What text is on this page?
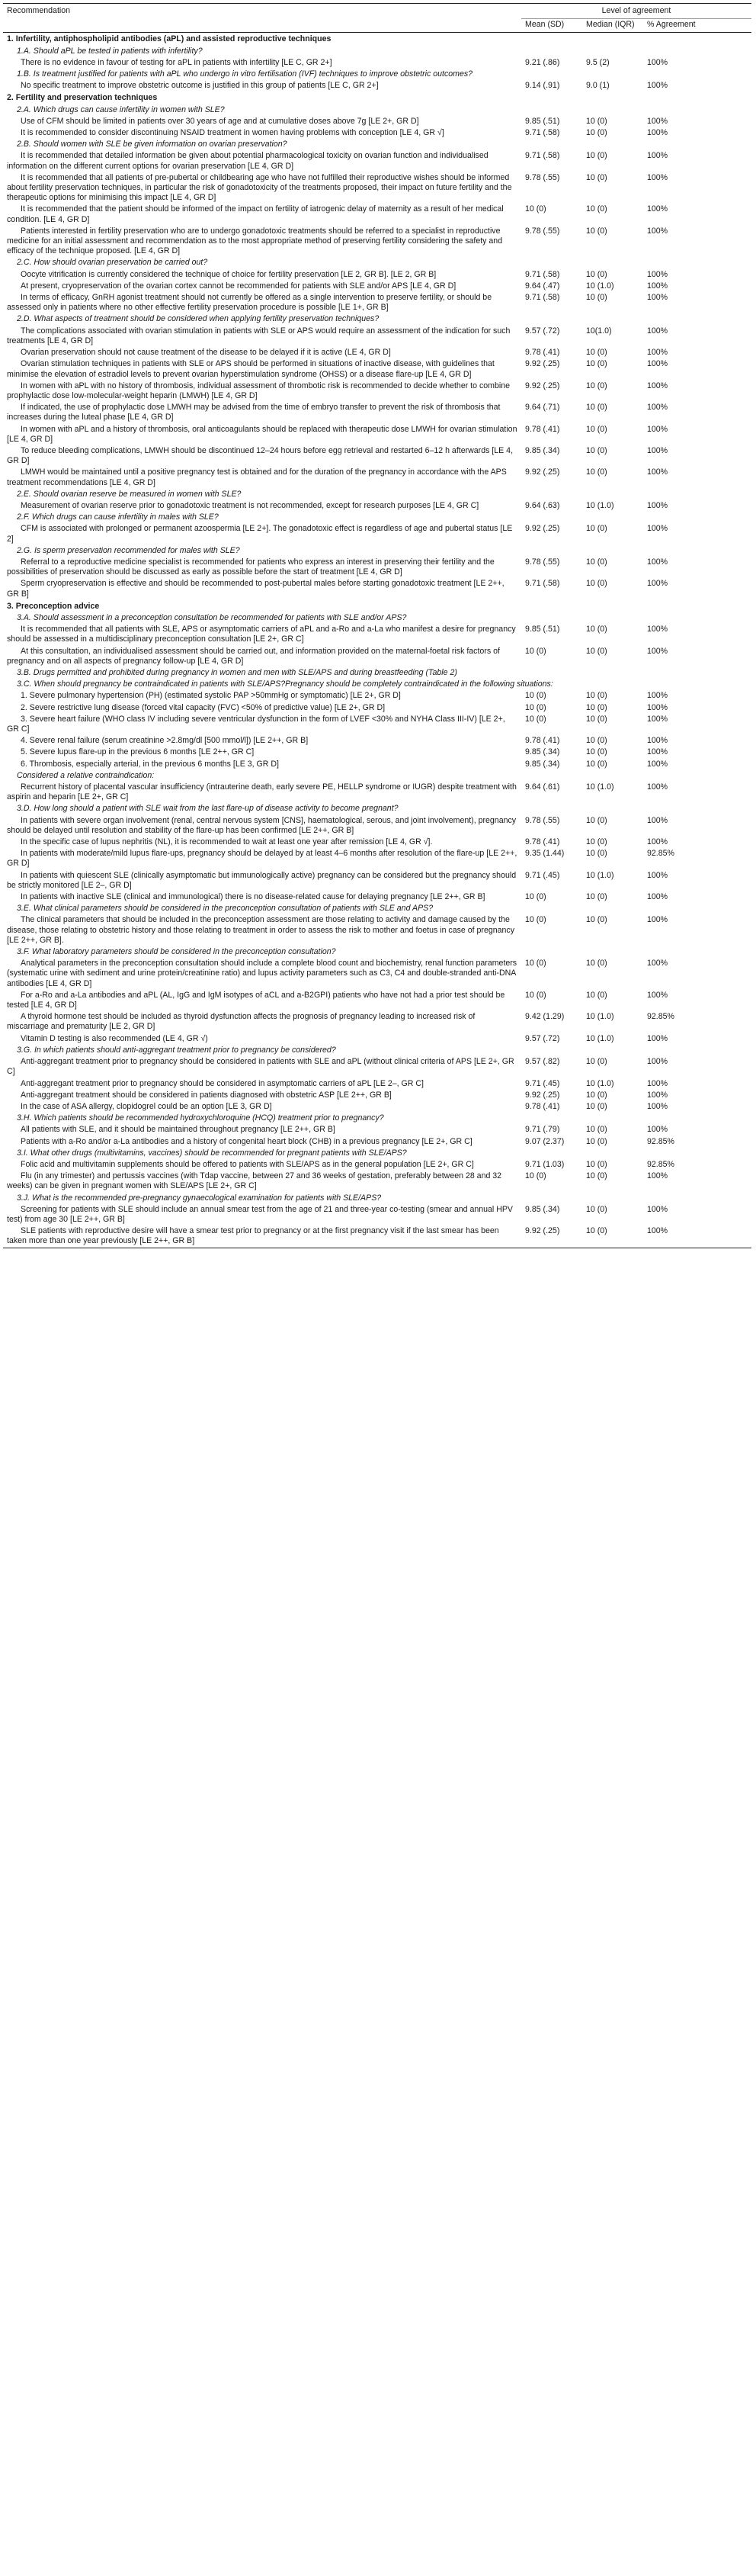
Recommendation	Level of agreement		
	Mean (SD)	Median (IQR)	% Agreement
1. Infertility, antiphospholipid antibodies (aPL) and assisted reproductive techniques			
1.A. Should aPL be tested in patients with infertility?			
There is no evidence in favour of testing for aPL in patients with infertility [LE C, GR 2+]	9.21 (.86)	9.5 (2)	100%
1.B. Is treatment justified for patients with aPL who undergo in vitro fertilisation (IVF) techniques to improve obstetric outcomes?			
No specific treatment to improve obstetric outcome is justified in this group of patients [LE C, GR 2+]	9.14 (.91)	9.0 (1)	100%
2. Fertility and preservation techniques			
2.A. Which drugs can cause infertility in women with SLE?			
Use of CFM should be limited in patients over 30 years of age and at cumulative doses above 7g [LE 2+, GR D]	9.85 (.51)	10 (0)	100%
It is recommended to consider discontinuing NSAID treatment in women having problems with conception [LE 4, GR √]	9.71 (.58)	10 (0)	100%
2.B. Should women with SLE be given information on ovarian preservation?			
It is recommended that detailed information be given about potential pharmacological toxicity on ovarian function and individualised information on the different current options for ovarian preservation [LE 4, GR D]	9.71 (.58)	10 (0)	100%
It is recommended that all patients of pre-pubertal or childbearing age who have not fulfilled their reproductive wishes should be informed about fertility preservation techniques, in particular the risk of gonadotoxicity of the treatments proposed, their impact on future fertility and the therapeutic options for minimising this impact [LE 4, GR D]	9.78 (.55)	10 (0)	100%
It is recommended that the patient should be informed of the impact on fertility of iatrogenic delay of maternity as a result of her medical condition. [LE 4, GR D]	10 (0)	10 (0)	100%
Patients interested in fertility preservation who are to undergo gonadotoxic treatments should be referred to a specialist in reproductive medicine for an initial assessment and recommendation as to the most appropriate method of preserving fertility considering the safety and efficacy of the technique proposed. [LE 4, GR D]	9.78 (.55)	10 (0)	100%
2.C. How should ovarian preservation be carried out?			
Oocyte vitrification is currently considered the technique of choice for fertility preservation [LE 2, GR B]. [LE 2, GR B]	9.71 (.58)	10 (0)	100%
At present, cryopreservation of the ovarian cortex cannot be recommended for patients with SLE and/or APS [LE 4, GR D]	9.64 (.47)	10 (1.0)	100%
In terms of efficacy, GnRH agonist treatment should not currently be offered as a single intervention to preserve fertility, or should be assessed only in patients where no other effective fertility preservation procedure is possible [LE 1+, GR B]	9.71 (.58)	10 (0)	100%
2.D. What aspects of treatment should be considered when applying fertility preservation techniques?			
The complications associated with ovarian stimulation in patients with SLE or APS would require an assessment of the indication for such treatments [LE 4, GR D]	9.57 (.72)	10(1.0)	100%
Ovarian preservation should not cause treatment of the disease to be delayed if it is active (LE 4, GR D]	9.78 (.41)	10 (0)	100%
Ovarian stimulation techniques in patients with SLE or APS should be performed in situations of inactive disease, with guidelines that minimise the elevation of estradiol levels to prevent ovarian hyperstimulation syndrome (OHSS) or a disease flare-up [LE 4, GR D]	9.92 (.25)	10 (0)	100%
In women with aPL with no history of thrombosis, individual assessment of thrombotic risk is recommended to decide whether to combine prophylactic dose low-molecular-weight heparin (LMWH) [LE 4, GR D]	9.92 (.25)	10 (0)	100%
If indicated, the use of prophylactic dose LMWH may be advised from the time of embryo transfer to prevent the risk of thrombosis that increases during the luteal phase [LE 4, GR D]	9.64 (.71)	10 (0)	100%
In women with aPL and a history of thrombosis, oral anticoagulants should be replaced with therapeutic dose LMWH for ovarian stimulation [LE 4, GR D]	9.78 (.41)	10 (0)	100%
To reduce bleeding complications, LMWH should be discontinued 12–24 hours before egg retrieval and restarted 6–12 h afterwards [LE 4, GR D]	9.85 (.34)	10 (0)	100%
LMWH would be maintained until a positive pregnancy test is obtained and for the duration of the pregnancy in accordance with the APS treatment recommendations [LE 4, GR D]	9.92 (.25)	10 (0)	100%
2.E. Should ovarian reserve be measured in women with SLE?			
Measurement of ovarian reserve prior to gonadotoxic treatment is not recommended, except for research purposes [LE 4, GR C]	9.64 (.63)	10 (1.0)	100%
2.F. Which drugs can cause infertility in males with SLE?			
CFM is associated with prolonged or permanent azoospermia [LE 2+]. The gonadotoxic effect is regardless of age and pubertal status [LE 2]	9.92 (.25)	10 (0)	100%
2.G. Is sperm preservation recommended for males with SLE?			
Referral to a reproductive medicine specialist is recommended for patients who express an interest in preserving their fertility and the possibilities of preservation should be discussed as early as possible before the start of treatment [LE 4, GR D]	9.78 (.55)	10 (0)	100%
Sperm cryopreservation is effective and should be recommended to post-pubertal males before starting gonadotoxic treatment [LE 2++, GR B]	9.71 (.58)	10 (0)	100%
3. Preconception advice			
3.A. Should assessment in a preconception consultation be recommended for patients with SLE and/or APS?			
It is recommended that all patients with SLE, APS or asymptomatic carriers of aPL and a-Ro and a-La who manifest a desire for pregnancy should be assessed in a multidisciplinary preconception consultation [LE 2+, GR C]	9.85 (.51)	10 (0)	100%
At this consultation, an individualised assessment should be carried out, and information provided on the maternal-foetal risk factors of pregnancy and on all aspects of pregnancy follow-up [LE 4, GR D]	10 (0)	10 (0)	100%
3.B. Drugs permitted and prohibited during pregnancy in women and men with SLE/APS and during breastfeeding (Table 2)			
3.C. When should pregnancy be contraindicated in patients with SLE/APS?Pregnancy should be completely contraindicated in the following situations:			
1. Severe pulmonary hypertension (PH) (estimated systolic PAP >50mmHg or symptomatic) [LE 2+, GR D]	10 (0)	10 (0)	100%
2. Severe restrictive lung disease (forced vital capacity (FVC) <50% of predictive value) [LE 2+, GR D]	10 (0)	10 (0)	100%
3. Severe heart failure (WHO class IV including severe ventricular dysfunction in the form of LVEF <30% and NYHA Class III-IV) [LE 2+, GR C]	10 (0)	10 (0)	100%
4. Severe renal failure (serum creatinine >2.8mg/dl [500 mmol/l]) [LE 2++, GR B]	9.78 (.41)	10 (0)	100%
5. Severe lupus flare-up in the previous 6 months [LE 2++, GR C]	9.85 (.34)	10 (0)	100%
6. Thrombosis, especially arterial, in the previous 6 months [LE 3, GR D]	9.85 (.34)	10 (0)	100%
Considered a relative contraindication:			
Recurrent history of placental vascular insufficiency (intrauterine death, early severe PE, HELLP syndrome or IUGR) despite treatment with aspirin and heparin [LE 2+, GR C]	9.64 (.61)	10 (1.0)	100%
3.D. How long should a patient with SLE wait from the last flare-up of disease activity to become pregnant?			
In patients with severe organ involvement (renal, central nervous system [CNS], haematological, serous, and joint involvement), pregnancy should be delayed until resolution and stability of the flare-up has been confirmed [LE 2++, GR B]	9.78 (.55)	10 (0)	100%
In the specific case of lupus nephritis (NL), it is recommended to wait at least one year after remission [LE 4, GR √].	9.78 (.41)	10 (0)	100%
In patients with moderate/mild lupus flare-ups, pregnancy should be delayed by at least 4–6 months after resolution of the flare-up [LE 2++, GR D]	9.35 (1.44)	10 (0)	92.85%
In patients with quiescent SLE (clinically asymptomatic but immunologically active) pregnancy can be considered but the pregnancy should be strictly monitored [LE 2–, GR D]	9.71 (.45)	10 (1.0)	100%
In patients with inactive SLE (clinical and immunological) there is no disease-related cause for delaying pregnancy [LE 2++, GR B]	10 (0)	10 (0)	100%
3.E. What clinical parameters should be considered in the preconception consultation of patients with SLE and APS?			
The clinical parameters that should be included in the preconception assessment are those relating to activity and damage caused by the disease, those relating to obstetric history and those relating to treatment in order to assess the risk to mother and foetus in case of pregnancy [LE 2++, GR B].	10 (0)	10 (0)	100%
3.F. What laboratory parameters should be considered in the preconception consultation?			
Analytical parameters in the preconception consultation should include a complete blood count and biochemistry, renal function parameters (systematic urine with sediment and urine protein/creatinine ratio) and lupus activity parameters such as C3, C4 and double-stranded anti-DNA antibodies [LE 4, GR D]	10 (0)	10 (0)	100%
For a-Ro and a-La antibodies and aPL (AL, IgG and IgM isotypes of aCL and a-B2GPI) patients who have not had a prior test should be tested [LE 4, GR D]	10 (0)	10 (0)	100%
A thyroid hormone test should be included as thyroid dysfunction affects the prognosis of pregnancy leading to increased risk of miscarriage and prematurity [LE 2, GR D]	9.42 (1.29)	10 (1.0)	92.85%
Vitamin D testing is also recommended (LE 4, GR √)	9.57 (.72)	10 (1.0)	100%
3.G. In which patients should anti-aggregant treatment prior to pregnancy be considered?			
Anti-aggregant treatment prior to pregnancy should be considered in patients with SLE and aPL (without clinical criteria of APS [LE 2+, GR C]	9.57 (.82)	10 (0)	100%
Anti-aggregant treatment prior to pregnancy should be considered in asymptomatic carriers of aPL [LE 2–, GR C]	9.71 (.45)	10 (1.0)	100%
Anti-aggregant treatment should be considered in patients diagnosed with obstetric ASP [LE 2++, GR B]	9.92 (.25)	10 (0)	100%
In the case of ASA allergy, clopidogrel could be an option [LE 3, GR D]	9.78 (.41)	10 (0)	100%
3.H. Which patients should be recommended hydroxychloroquine (HCQ) treatment prior to pregnancy?			
All patients with SLE, and it should be maintained throughout pregnancy [LE 2++, GR B]	9.71 (.79)	10 (0)	100%
Patients with a-Ro and/or a-La antibodies and a history of congenital heart block (CHB) in a previous pregnancy [LE 2+, GR C]	9.07 (2.37)	10 (0)	92.85%
3.I. What other drugs (multivitamins, vaccines) should be recommended for pregnant patients with SLE/APS?			
Folic acid and multivitamin supplements should be offered to patients with SLE/APS as in the general population [LE 2+, GR C]	9.71 (1.03)	10 (0)	92.85%
Flu (in any trimester) and pertussis vaccines (with Tdap vaccine, between 27 and 36 weeks of gestation, preferably between 28 and 32 weeks) can be given in pregnant women with SLE/APS [LE 2+, GR C]	10 (0)	10 (0)	100%
3.J. What is the recommended pre-pregnancy gynaecological examination for patients with SLE/APS?			
Screening for patients with SLE should include an annual smear test from the age of 21 and three-year co-testing (smear and annual HPV test) from age 30 [LE 2++, GR B]	9.85 (.34)	10 (0)	100%
SLE patients with reproductive desire will have a smear test prior to pregnancy or at the first pregnancy visit if the last smear has been taken more than one year previously [LE 2++, GR B]	9.92 (.25)	10 (0)	100%
